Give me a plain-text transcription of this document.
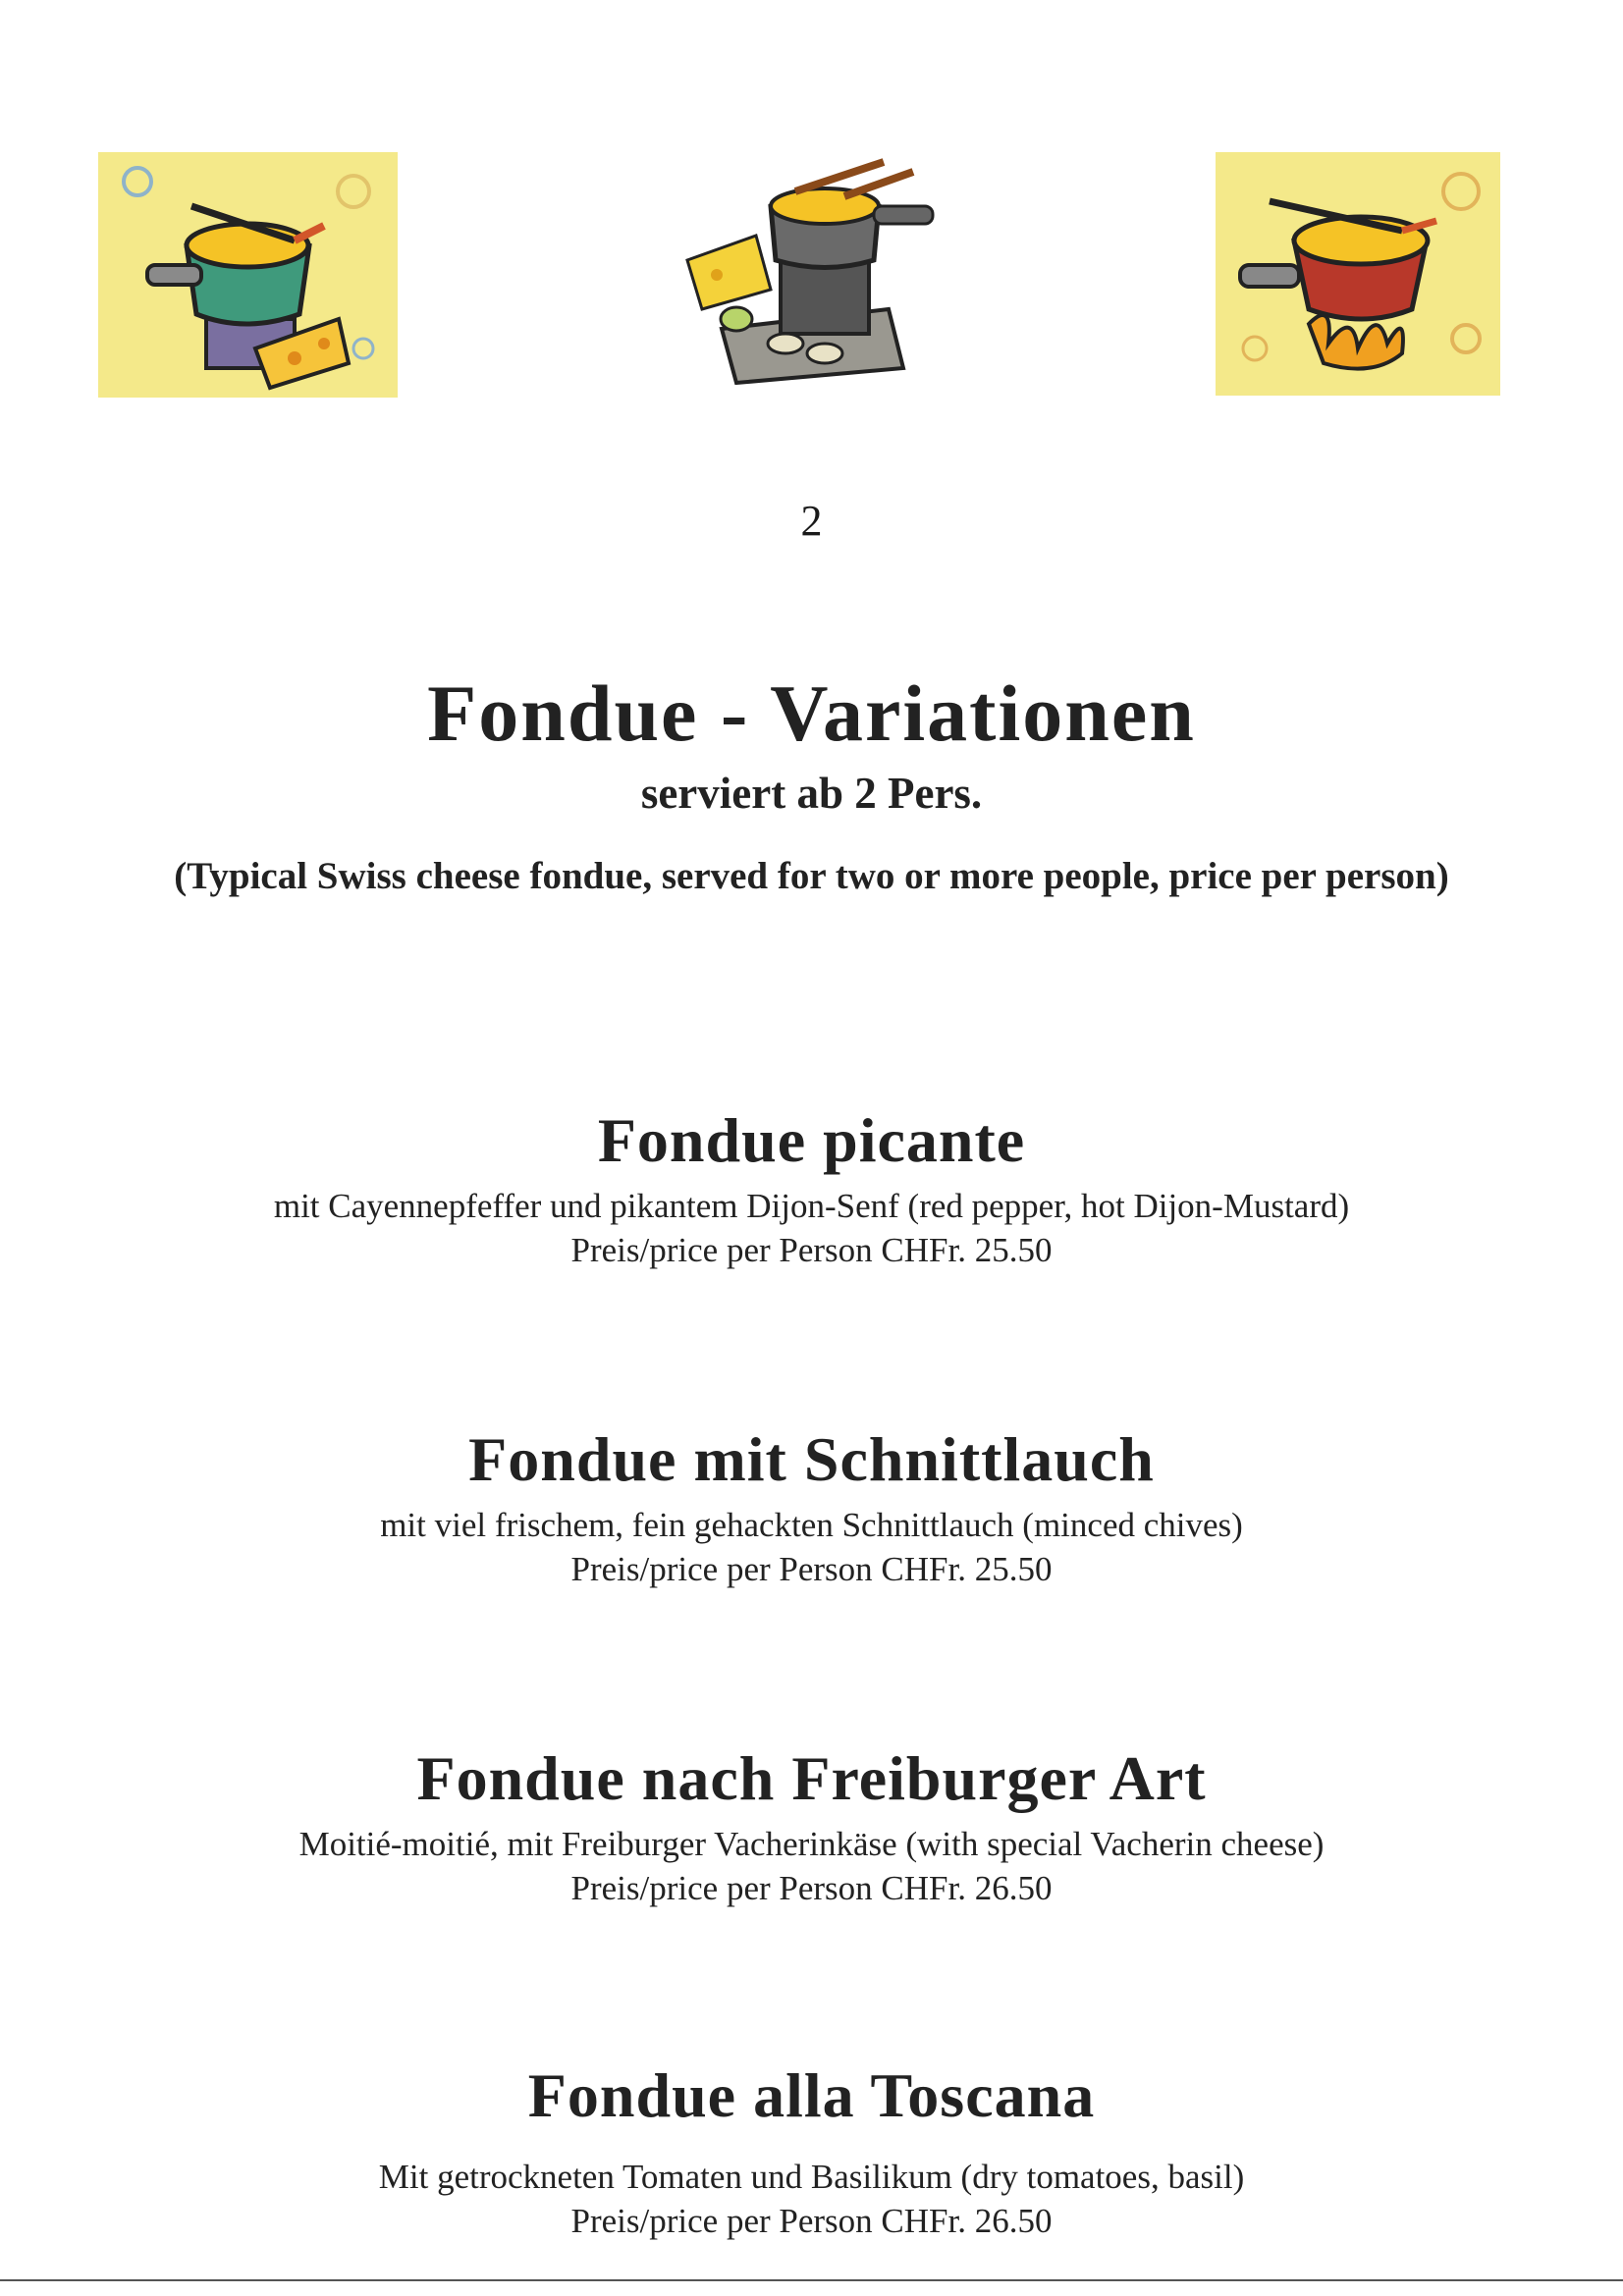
2
Fondue - Variationen
serviert ab 2 Pers.
(Typical Swiss cheese fondue, served for two or more people, price per person)
Fondue picante
mit Cayennepfeffer und pikantem Dijon-Senf (red pepper, hot Dijon-Mustard)
Preis/price per Person CHFr. 25.50
Fondue mit Schnittlauch
mit viel frischem, fein gehackten Schnittlauch (minced chives)
Preis/price per Person CHFr. 25.50
Fondue nach Freiburger Art
Moitié-moitié, mit Freiburger Vacherinkäse (with special Vacherin cheese)
Preis/price per Person CHFr. 26.50
Fondue alla Toscana
Mit getrockneten Tomaten und Basilikum (dry tomatoes, basil)
Preis/price per Person CHFr. 26.50
